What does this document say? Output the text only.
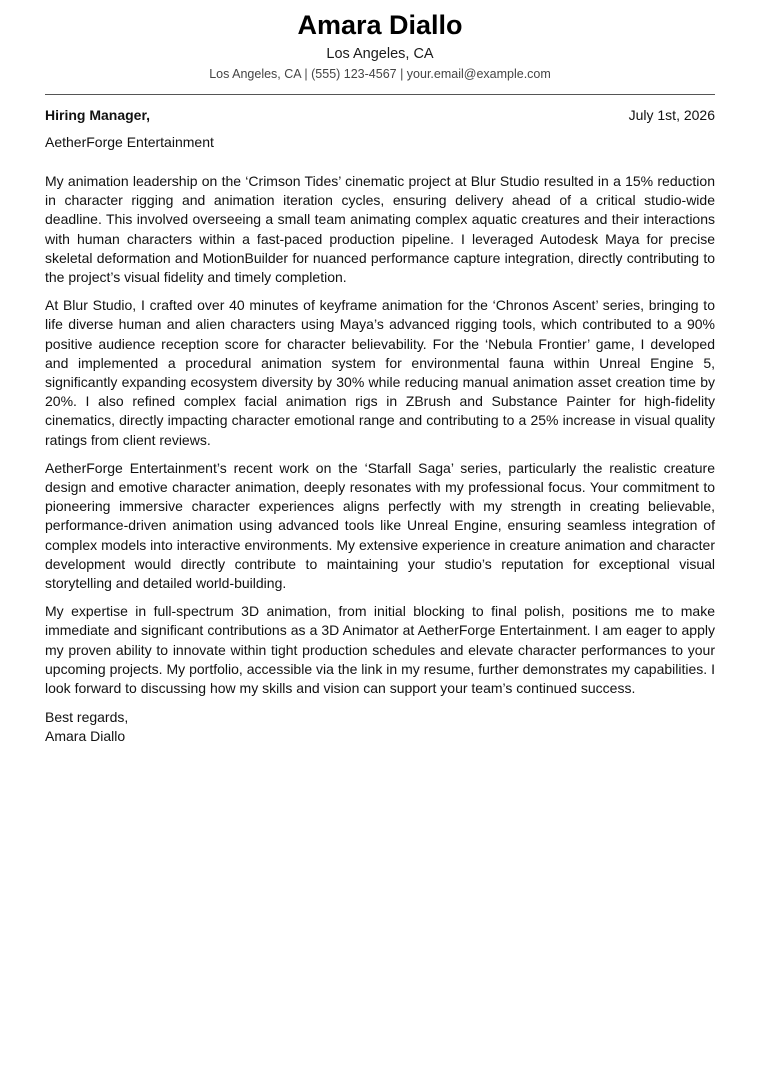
Amara Diallo
Los Angeles, CA
Los Angeles, CA | (555) 123-4567 | your.email@example.com
Hiring Manager,	July 1st, 2026
AetherForge Entertainment

My animation leadership on the ‘Crimson Tides’ cinematic project at Blur Studio resulted in a 15% reduction in character rigging and animation iteration cycles, ensuring delivery ahead of a critical studio-wide deadline. This involved overseeing a small team animating complex aquatic creatures and their interactions with human characters within a fast-paced production pipeline. I leveraged Autodesk Maya for precise skeletal deformation and MotionBuilder for nuanced performance capture integration, directly contributing to the project’s visual fidelity and timely completion.

At Blur Studio, I crafted over 40 minutes of keyframe animation for the ‘Chronos Ascent’ series, bringing to life diverse human and alien characters using Maya’s advanced rigging tools, which contributed to a 90% positive audience reception score for character believability. For the ‘Nebula Frontier’ game, I developed and implemented a procedural animation system for environmental fauna within Unreal Engine 5, significantly expanding ecosystem diversity by 30% while reducing manual animation asset creation time by 20%. I also refined complex facial animation rigs in ZBrush and Substance Painter for high-fidelity cinematics, directly impacting character emotional range and contributing to a 25% increase in visual quality ratings from client reviews.

AetherForge Entertainment’s recent work on the ‘Starfall Saga’ series, particularly the realistic creature design and emotive character animation, deeply resonates with my professional focus. Your commitment to pioneering immersive character experiences aligns perfectly with my strength in creating believable, performance-driven animation using advanced tools like Unreal Engine, ensuring seamless integration of complex models into interactive environments. My extensive experience in creature animation and character development would directly contribute to maintaining your studio’s reputation for exceptional visual storytelling and detailed world-building.

My expertise in full-spectrum 3D animation, from initial blocking to final polish, positions me to make immediate and significant contributions as a 3D Animator at AetherForge Entertainment. I am eager to apply my proven ability to innovate within tight production schedules and elevate character performances to your upcoming projects. My portfolio, accessible via the link in my resume, further demonstrates my capabilities. I look forward to discussing how my skills and vision can support your team’s continued success.

Best regards,
Amara Diallo
